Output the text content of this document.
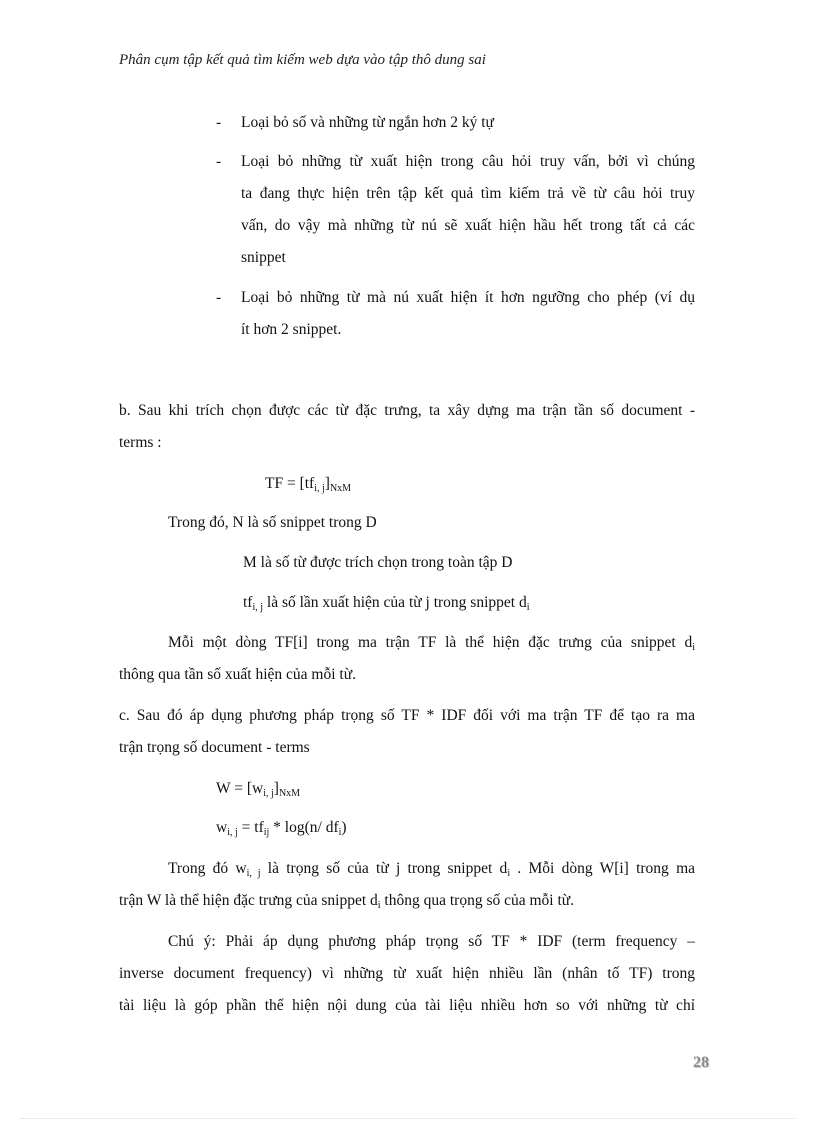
Phân cụm tập kết quả tìm kiếm web dựa vào tập thô dung sai
- Loại bỏ số và những từ ngắn hơn 2 ký tự
- Loại bỏ những từ xuất hiện trong câu hỏi truy vấn, bởi vì chúng
ta đang thực hiện trên tập kết quả tìm kiếm trả về từ câu hỏi truy
vấn, do vậy mà những từ nú sẽ xuất hiện hầu hết trong tất cả các
snippet
- Loại bỏ những từ mà nú xuất hiện ít hơn ngưỡng cho phép (ví dụ
ít hơn 2 snippet.
b. Sau khi trích chọn được các từ đặc trưng, ta xây dựng ma trận tần số document -
terms :
TF = $[tf_{i, j}]_{NxM}$
Trong đó, N là số snippet trong D
M là số từ được trích chọn trong toàn tập D
$tf_{i, j}$ là số lần xuất hiện của từ j trong snippet $d_i$
Mỗi một dòng TF[i] trong ma trận TF là thể hiện đặc trưng của snippet $d_i$
thông qua tần số xuất hiện của mỗi từ.
c. Sau đó áp dụng phương pháp trọng số TF * IDF đối với ma trận TF để tạo ra ma
trận trọng số document - terms
$W = [w_{i, j}]_{NxM}$
$w_{i, j} = tf_{ij} * \log(n/$ $df_i$)
Trong đó $w_{i, j}$ là trọng số của từ j trong snippet $d_i$ . Mỗi dòng W[i] trong ma
trận W là thể hiện đặc trưng của snippet $d_i$ thông qua trọng số của mỗi từ.
Chú ý: Phải áp dụng phương pháp trọng số TF * IDF (term frequency –
inverse document frequency) vì những từ xuất hiện nhiều lần (nhân tố TF) trong
tài liệu là góp phần thể hiện nội dung của tài liệu nhiều hơn so với những từ chỉ
28
